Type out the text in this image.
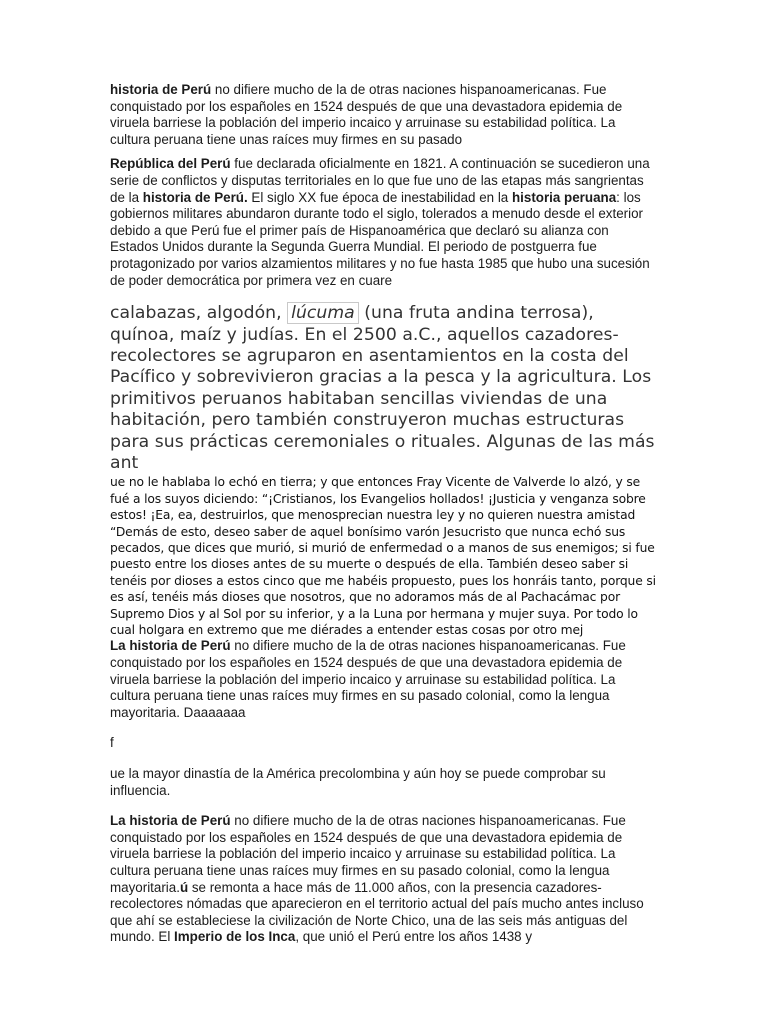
historia de Perú no difiere mucho de la de otras naciones hispanoamericanas. Fue conquistado por los españoles en 1524 después de que una devastadora epidemia de viruela barriese la población del imperio incaico y arruinase su estabilidad política. La cultura peruana tiene unas raíces muy firmes en su pasado

República del Perú fue declarada oficialmente en 1821. A continuación se sucedieron una serie de conflictos y disputas territoriales en lo que fue uno de las etapas más sangrientas de la historia de Perú. El siglo XX fue época de inestabilidad en la historia peruana: los gobiernos militares abundaron durante todo el siglo, tolerados a menudo desde el exterior debido a que Perú fue el primer país de Hispanoamérica que declaró su alianza con Estados Unidos durante la Segunda Guerra Mundial. El periodo de postguerra fue protagonizado por varios alzamientos militares y no fue hasta 1985 que hubo una sucesión de poder democrática por primera vez en cuare

calabazas, algodón, lúcuma (una fruta andina terrosa), quínoa, maíz y judías. En el 2500 a.C., aquellos cazadores-recolectores se agruparon en asentamientos en la costa del Pacífico y sobrevivieron gracias a la pesca y la agricultura. Los primitivos peruanos habitaban sencillas viviendas de una habitación, pero también construyeron muchas estructuras para sus prácticas ceremoniales o rituales. Algunas de las más ant

ue no le hablaba lo echó en tierra; y que entonces Fray Vicente de Valverde lo alzó, y se fué a los suyos diciendo: “¡Cristianos, los Evangelios hollados! ¡Justicia y venganza sobre estos! ¡Ea, ea, destruirlos, que menosprecian nuestra ley y no quieren nuestra amistad

“Demás de esto, deseo saber de aquel bonísimo varón Jesucristo que nunca echó sus pecados, que dices que murió, si murió de enfermedad o a manos de sus enemigos; si fue puesto entre los dioses antes de su muerte o después de ella. También deseo saber si tenéis por dioses a estos cinco que me habéis propuesto, pues los honráis tanto, porque si es así, tenéis más dioses que nosotros, que no adoramos más de al Pachacámac por Supremo Dios y al Sol por su inferior, y a la Luna por hermana y mujer suya. Por todo lo cual holgara en extremo que me diérades a entender estas cosas por otro mej

La historia de Perú no difiere mucho de la de otras naciones hispanoamericanas. Fue conquistado por los españoles en 1524 después de que una devastadora epidemia de viruela barriese la población del imperio incaico y arruinase su estabilidad política. La cultura peruana tiene unas raíces muy firmes en su pasado colonial, como la lengua mayoritaria. Daaaaaaa

f

ue la mayor dinastía de la América precolombina y aún hoy se puede comprobar su influencia.

La historia de Perú no difiere mucho de la de otras naciones hispanoamericanas. Fue conquistado por los españoles en 1524 después de que una devastadora epidemia de viruela barriese la población del imperio incaico y arruinase su estabilidad política. La cultura peruana tiene unas raíces muy firmes en su pasado colonial, como la lengua mayoritaria.ú se remonta a hace más de 11.000 años, con la presencia cazadores-recolectores nómadas que aparecieron en el territorio actual del país mucho antes incluso que ahí se estableciese la civilización de Norte Chico, una de las seis más antiguas del mundo. El Imperio de los Inca, que unió el Perú entre los años 1438 y
